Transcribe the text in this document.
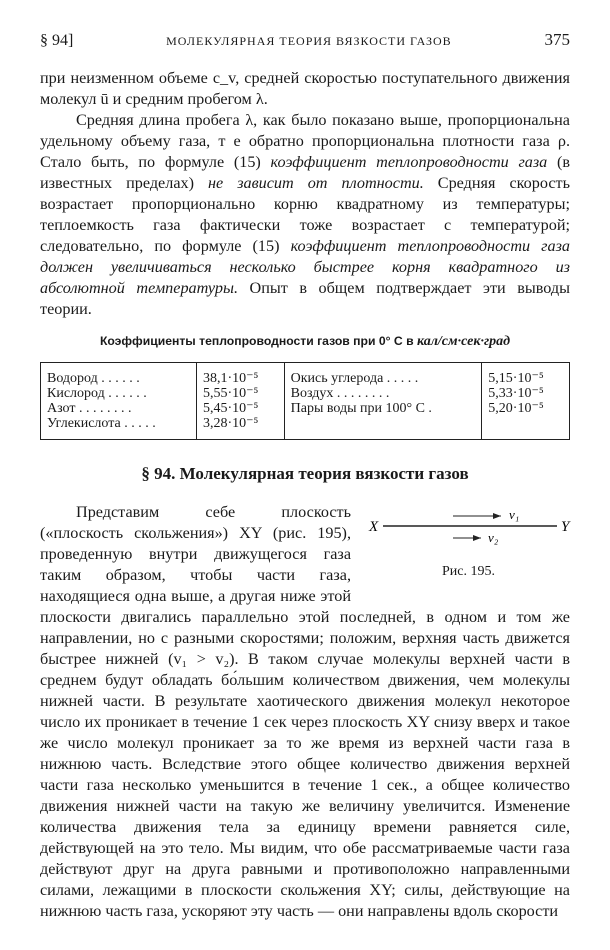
§ 94]	МОЛЕКУЛЯРНАЯ ТЕОРИЯ ВЯЗКОСТИ ГАЗОВ	375

при неизменном объеме c_v, средней скоростью поступательного движения молекул ū и средним пробегом λ.

Средняя длина пробега λ, как было показано выше, пропорциональна удельному объему газа, т е обратно пропорциональна плотности газа ρ. Стало быть, по формуле (15) коэффициент теплопроводности газа (в известных пределах) не зависит от плотности. Средняя скорость возрастает пропорционально корню квадратному из температуры; теплоемкость газа фактически тоже возрастает с температурой; следовательно, по формуле (15) коэффициент теплопроводности газа должен увеличиваться несколько быстрее корня квадратного из абсолютной температуры. Опыт в общем подтверждает эти выводы теории.

Коэффициенты теплопроводности газов при 0° С в кал/см·сек·град
Водород . . . . . .	38,1·10⁻⁵	Окись углерода . . . . .	5,15·10⁻⁵
Кислород . . . . . .	5,55·10⁻⁵	Воздух . . . . . . . .	5,33·10⁻⁵
Азот . . . . . . . .	5,45·10⁻⁵	Пары воды при 100° С .	5,20·10⁻⁵
Углекислота . . . . .	3,28·10⁻⁵		
§ 94. Молекулярная теория вязкости газов
X	Y
v₁
v₂
Рис. 195.

Представим себе плоскость («плоскость скольжения») XY (рис. 195), проведенную внутри движущегося газа таким образом, чтобы части газа, находящиеся одна выше, а другая ниже этой плоскости двигались параллельно этой последней, в одном и том же направлении, но с разными скоростями; положим, верхняя часть движется быстрее нижней (v₁ > v₂). В таком случае молекулы верхней части в среднем будут обладать бо́льшим количеством движения, чем молекулы нижней части. В результате хаотического движения молекул некоторое число их проникает в течение 1 сек через плоскость XY снизу вверх и такое же число молекул проникает за то же время из верхней части газа в нижнюю часть. Вследствие этого общее количество движения верхней части газа несколько уменьшится в течение 1 сек., а общее количество движения нижней части на такую же величину увеличится. Изменение количества движения тела за единицу времени равняется силе, действующей на это тело. Мы видим, что обе рассматриваемые части газа действуют друг на друга равными и противоположно направленными силами, лежащими в плоскости скольжения XY; силы, действующие на нижнюю часть газа, ускоряют эту часть — они направлены вдоль скорости
